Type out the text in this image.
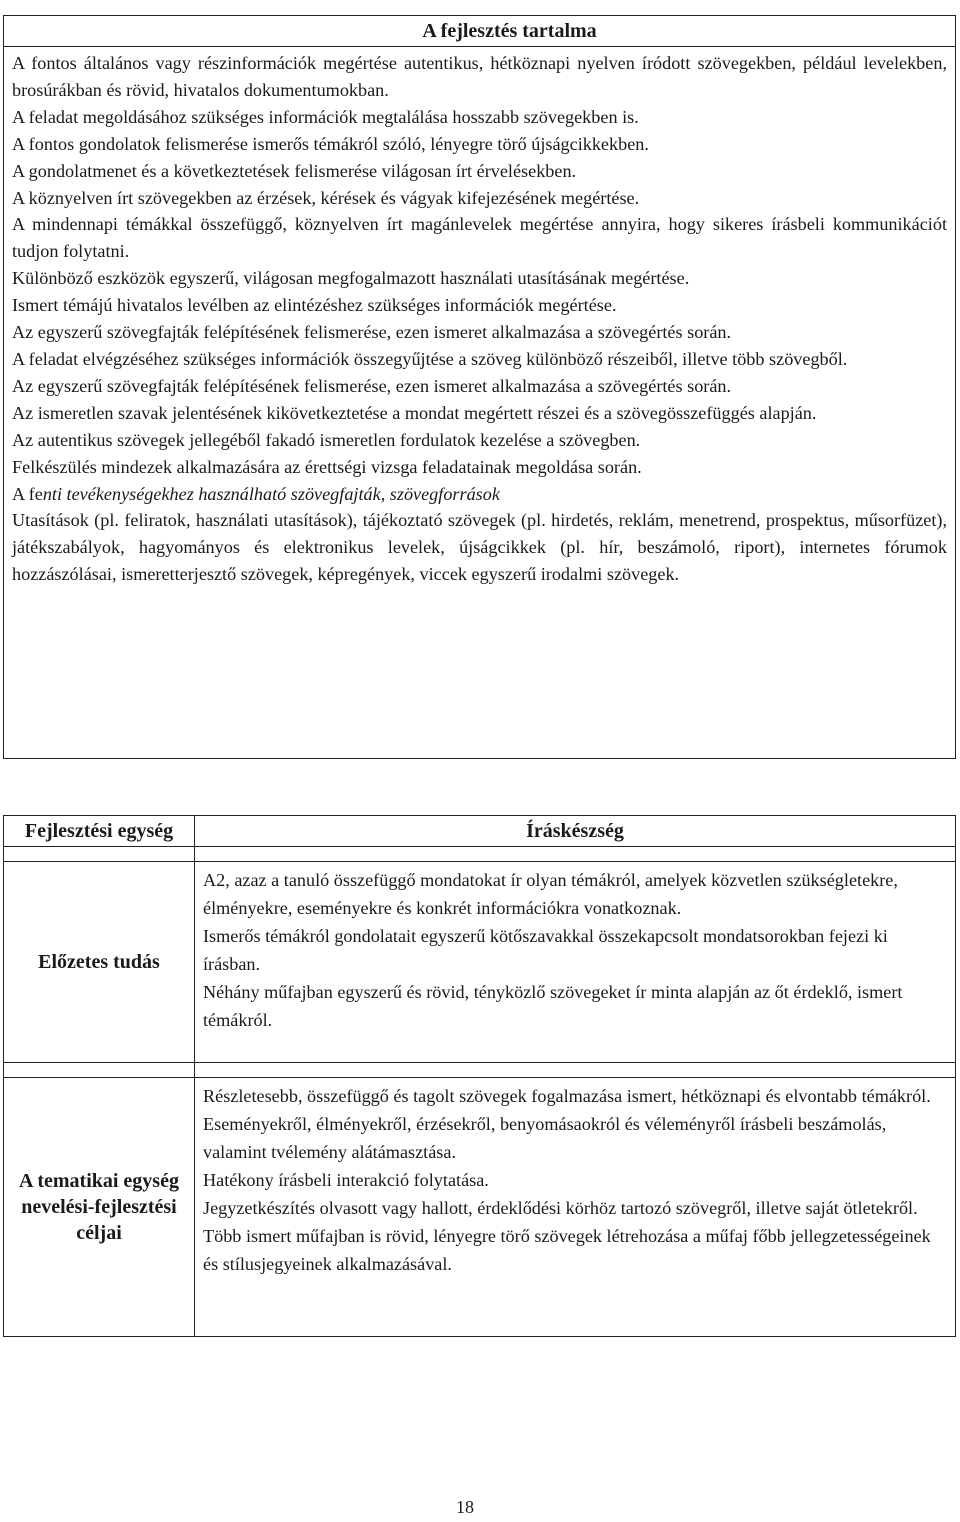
A fejlesztés tartalma

A fontos általános vagy részinformációk megértése autentikus, hétköznapi nyelven íródott szövegekben, például levelekben, brosúrákban és rövid, hivatalos dokumentumokban.

A feladat megoldásához szükséges információk megtalálása hosszabb szövegekben is.

A fontos gondolatok felismerése ismerős témákról szóló, lényegre törő újságcikkekben.

A gondolatmenet és a következtetések felismerése világosan írt érvelésekben.

A köznyelven írt szövegekben az érzések, kérések és vágyak kifejezésének megértése.

A mindennapi témákkal összefüggő, köznyelven írt magánlevelek megértése annyira, hogy sikeres írásbeli kommunikációt tudjon folytatni.

Különböző eszközök egyszerű, világosan megfogalmazott használati utasításának megértése.

Ismert témájú hivatalos levélben az elintézéshez szükséges információk megértése.

Az egyszerű szövegfajták felépítésének felismerése, ezen ismeret alkalmazása a szövegértés során.

A feladat elvégzéséhez szükséges információk összegyűjtése a szöveg különböző részeiből, illetve több szövegből.

Az egyszerű szövegfajták felépítésének felismerése, ezen ismeret alkalmazása a szövegértés során.

Az ismeretlen szavak jelentésének kikövetkeztetése a mondat megértett részei és a szövegösszefüggés alapján.

Az autentikus szövegek jellegéből fakadó ismeretlen fordulatok kezelése a szövegben.

Felkészülés mindezek alkalmazására az érettségi vizsga feladatainak megoldása során.

A fenti tevékenységekhez használható szövegfajták, szövegforrások

Utasítások (pl. feliratok, használati utasítások), tájékoztató szövegek (pl. hirdetés, reklám, menetrend, prospektus, műsorfüzet), játékszabályok, hagyományos és elektronikus levelek, újságcikkek (pl. hír, beszámoló, riport), internetes fórumok hozzászólásai, ismeretterjesztő szövegek, képregények, viccek egyszerű irodalmi szövegek.

Fejlesztési egység	Íráskészség

Előzetes tudás	A2, azaz a tanuló összefüggő mondatokat ír olyan témákról, amelyek közvetlen szükségletekre, élményekre, eseményekre és konkrét információkra vonatkoznak.

Ismerős témákról gondolatait egyszerű kötőszavakkal összekapcsolt mondatsorokban fejezi ki írásban.

Néhány műfajban egyszerű és rövid, tényközlő szövegeket ír minta alapján az őt érdeklő, ismert témákról.

A tematikai egység nevelési-fejlesztési céljai	Részletesebb, összefüggő és tagolt szövegek fogalmazása ismert, hétköznapi és elvontabb témákról.

Eseményekről, élményekről, érzésekről, benyomásaokról és véleményről írásbeli beszámolás, valamint tvélemény alátámasztása.

Hatékony írásbeli interakció folytatása.

Jegyzetkészítés olvasott vagy hallott, érdeklődési körhöz tartozó szövegről, illetve saját ötletekről.

Több ismert műfajban is rövid, lényegre törő szövegek létrehozása a műfaj főbb jellegzetességeinek és stílusjegyeinek alkalmazásával.

18
